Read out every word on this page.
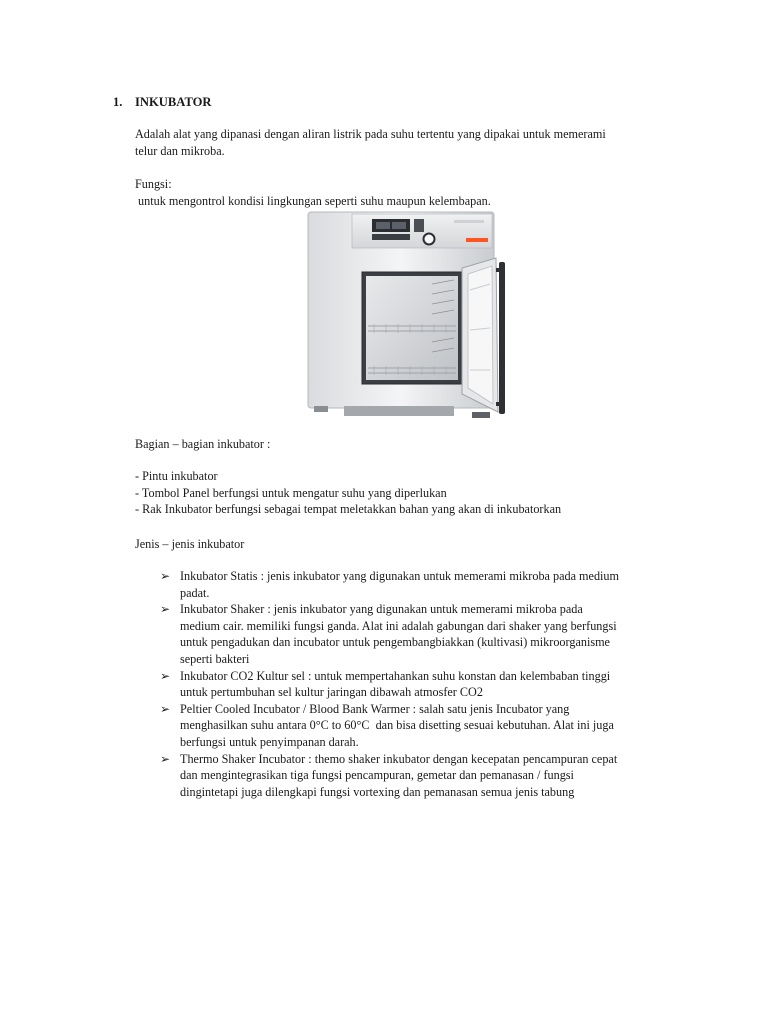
1. INKUBATOR
Adalah alat yang dipanasi dengan aliran listrik pada suhu tertentu yang dipakai untuk memerami
telur dan mikroba.
Fungsi:
untuk mengontrol kondisi lingkungan seperti suhu maupun kelembapan.
Bagian – bagian inkubator :
- Pintu inkubator
- Tombol Panel berfungsi untuk mengatur suhu yang diperlukan
- Rak Inkubator berfungsi sebagai tempat meletakkan bahan yang akan di inkubatorkan
Jenis – jenis inkubator
➢ Inkubator Statis : jenis inkubator yang digunakan untuk memerami mikroba pada medium
padat.
➢ Inkubator Shaker : jenis inkubator yang digunakan untuk memerami mikroba pada
medium cair. memiliki fungsi ganda. Alat ini adalah gabungan dari shaker yang berfungsi
untuk pengadukan dan incubator untuk pengembangbiakkan (kultivasi) mikroorganisme
seperti bakteri
➢ Inkubator CO2 Kultur sel : untuk mempertahankan suhu konstan dan kelembaban tinggi
untuk pertumbuhan sel kultur jaringan dibawah atmosfer CO2
➢ Peltier Cooled Incubator / Blood Bank Warmer : salah satu jenis Incubator yang
menghasilkan suhu antara 0°C to 60°C  dan bisa disetting sesuai kebutuhan. Alat ini juga
berfungsi untuk penyimpanan darah.
➢ Thermo Shaker Incubator : themo shaker inkubator dengan kecepatan pencampuran cepat
dan mengintegrasikan tiga fungsi pencampuran, gemetar dan pemanasan / fungsi
dingintetapi juga dilengkapi fungsi vortexing dan pemanasan semua jenis tabung
